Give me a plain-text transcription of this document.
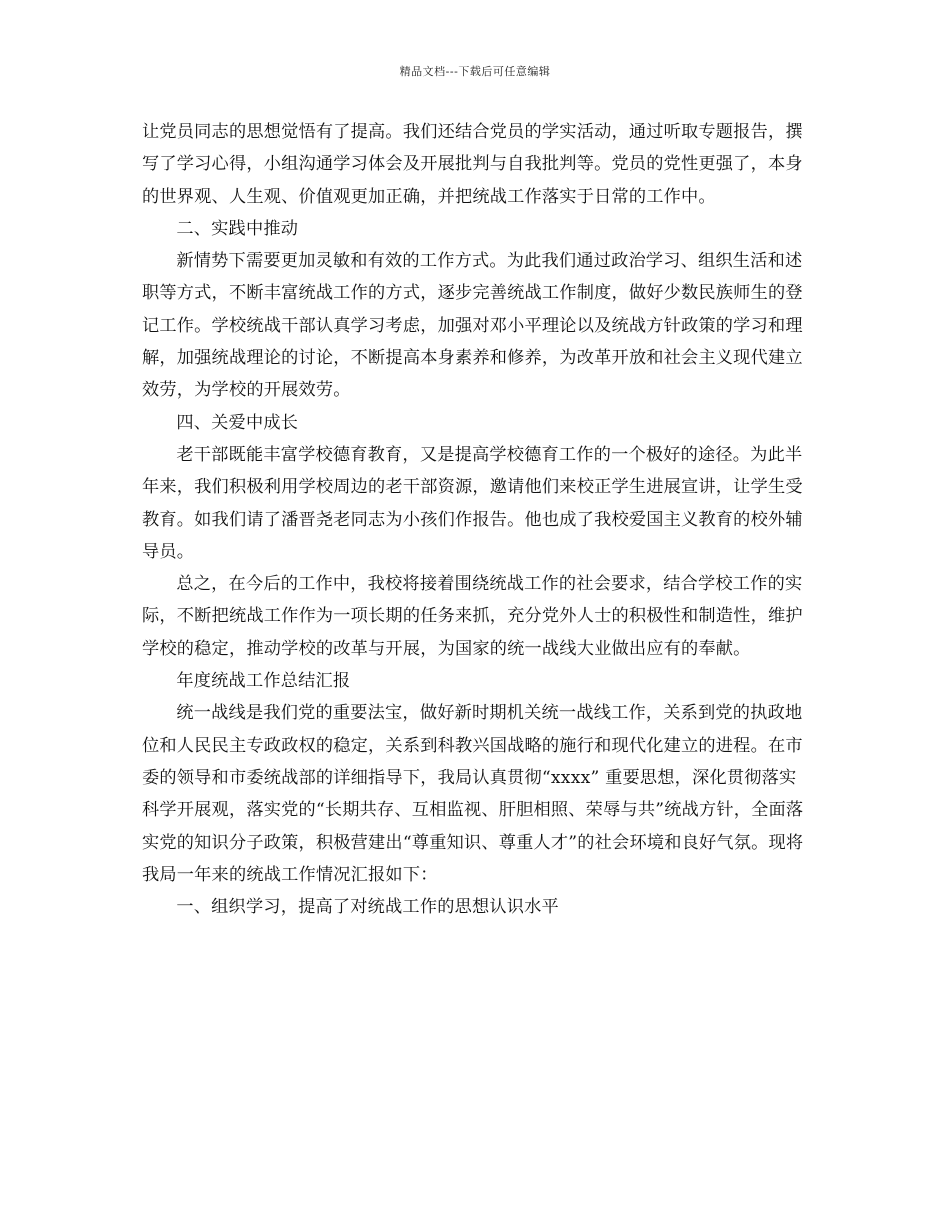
精品文档---下载后可任意编辑

让党员同志的思想觉悟有了提高。我们还结合党员的学实活动，通过听取专题报告，撰写了学习心得，小组沟通学习体会及开展批判与自我批判等。党员的党性更强了，本身的世界观、人生观、价值观更加正确，并把统战工作落实于日常的工作中。

二、实践中推动

新情势下需要更加灵敏和有效的工作方式。为此我们通过政治学习、组织生活和述职等方式，不断丰富统战工作的方式，逐步完善统战工作制度，做好少数民族师生的登记工作。学校统战干部认真学习考虑，加强对邓小平理论以及统战方针政策的学习和理解，加强统战理论的讨论，不断提高本身素养和修养，为改革开放和社会主义现代建立效劳，为学校的开展效劳。

四、关爱中成长

老干部既能丰富学校德育教育，又是提高学校德育工作的一个极好的途径。为此半年来，我们积极利用学校周边的老干部资源，邀请他们来校正学生进展宣讲，让学生受教育。如我们请了潘晋尧老同志为小孩们作报告。他也成了我校爱国主义教育的校外辅导员。

总之，在今后的工作中，我校将接着围绕统战工作的社会要求，结合学校工作的实际，不断把统战工作作为一项长期的任务来抓，充分党外人士的积极性和制造性，维护学校的稳定，推动学校的改革与开展，为国家的统一战线大业做出应有的奉献。

年度统战工作总结汇报

统一战线是我们党的重要法宝，做好新时期机关统一战线工作，关系到党的执政地位和人民民主专政政权的稳定，关系到科教兴国战略的施行和现代化建立的进程。在市委的领导和市委统战部的详细指导下，我局认真贯彻“xxxx” 重要思想，深化贯彻落实科学开展观，落实党的“长期共存、互相监视、肝胆相照、荣辱与共”统战方针，全面落实党的知识分子政策，积极营建出“尊重知识、尊重人才”的社会环境和良好气氛。现将我局一年来的统战工作情况汇报如下：

一、组织学习，提高了对统战工作的思想认识水平
